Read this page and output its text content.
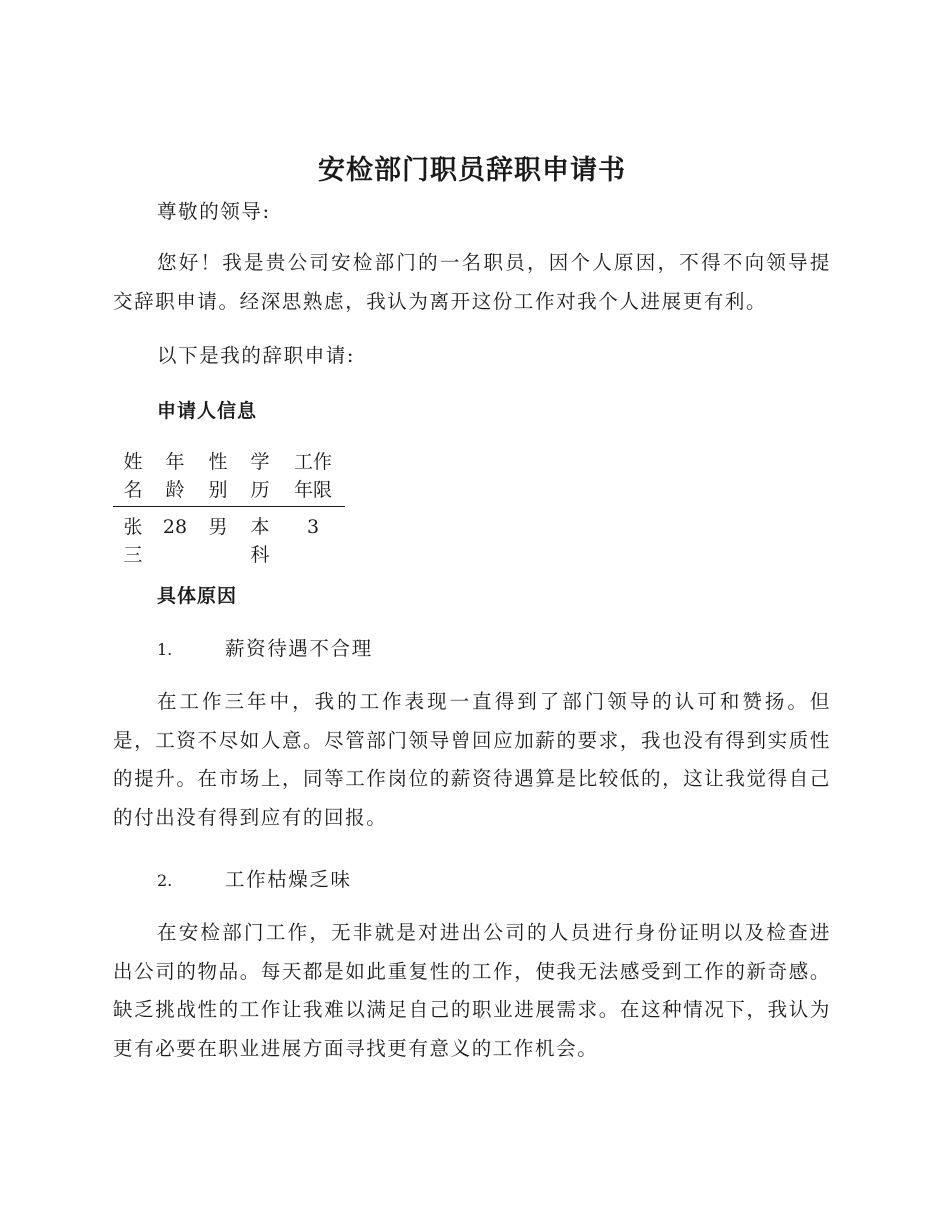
安检部门职员辞职申请书

尊敬的领导:

您好！我是贵公司安检部门的一名职员，因个人原因，不得不向领导提交辞职申请。经深思熟虑，我认为离开这份工作对我个人进展更有利。

以下是我的辞职申请:

申请人信息
姓名	年龄	性别	学历	工作年限
张三	28	男	本科	3
具体原因

1.	薪资待遇不合理

在工作三年中，我的工作表现一直得到了部门领导的认可和赞扬。但是，工资不尽如人意。尽管部门领导曾回应加薪的要求，我也没有得到实质性的提升。在市场上，同等工作岗位的薪资待遇算是比较低的，这让我觉得自己的付出没有得到应有的回报。

2.	工作枯燥乏味

在安检部门工作，无非就是对进出公司的人员进行身份证明以及检查进出公司的物品。每天都是如此重复性的工作，使我无法感受到工作的新奇感。缺乏挑战性的工作让我难以满足自己的职业进展需求。在这种情况下，我认为更有必要在职业进展方面寻找更有意义的工作机会。
